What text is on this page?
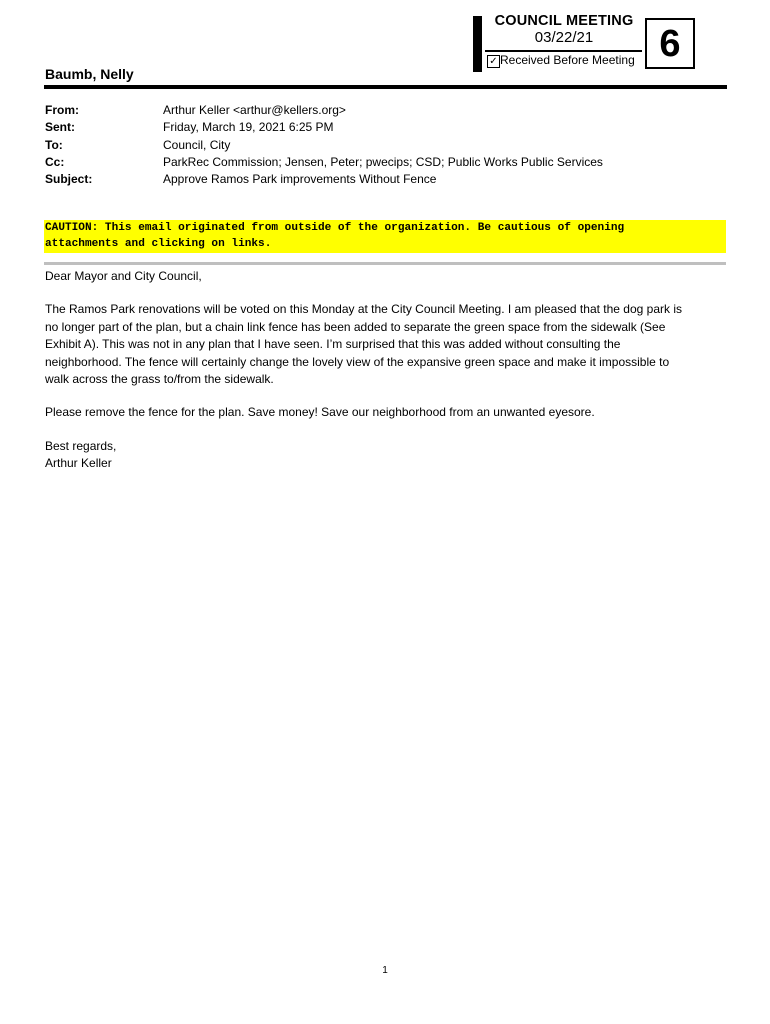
COUNCIL MEETING
03/22/21
✓ Received Before Meeting 6
Baumb, Nelly
From:	Arthur Keller <arthur@kellers.org>
Sent:	Friday, March 19, 2021 6:25 PM
To:	Council, City
Cc:	ParkRec Commission; Jensen, Peter; pwecips; CSD; Public Works Public Services
Subject:	Approve Ramos Park improvements Without Fence
CAUTION: This email originated from outside of the organization. Be cautious of opening
attachments and clicking on links.

Dear Mayor and City Council,

The Ramos Park renovations will be voted on this Monday at the City Council Meeting. I am pleased that the dog park is
no longer part of the plan, but a chain link fence has been added to separate the green space from the sidewalk (See
Exhibit A). This was not in any plan that I have seen. I’m surprised that this was added without consulting the
neighborhood. The fence will certainly change the lovely view of the expansive green space and make it impossible to
walk across the grass to/from the sidewalk.

Please remove the fence for the plan. Save money! Save our neighborhood from an unwanted eyesore.

Best regards,
Arthur Keller

1
